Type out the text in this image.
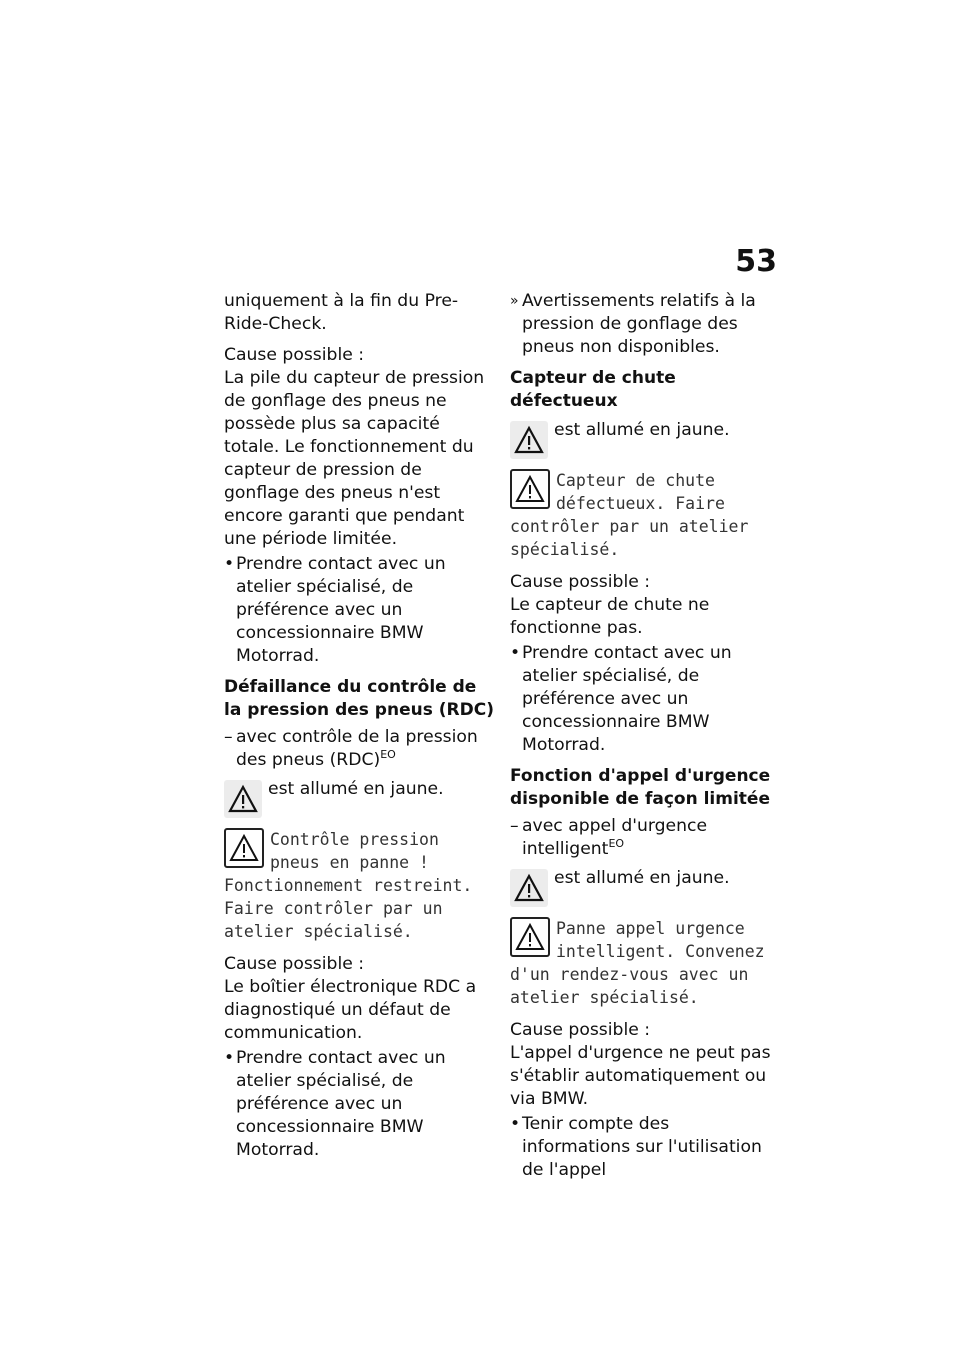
53

uniquement à la fin du Pre-Ride-Check.

Cause possible :

La pile du capteur de pression de gonflage des pneus ne possède plus sa capacité totale. Le fonctionnement du capteur de pression de gonflage des pneus n'est encore garanti que pendant une période limitée.

• Prendre contact avec un atelier spécialisé, de préférence avec un concessionnaire BMW Motorrad.
Défaillance du contrôle de la pression des pneus (RDC)
– avec contrôle de la pression des pneus (RDC)$^{EO}$
est allumé en jaune.
Contrôle pression pneus en panne ! Fonctionnement restreint. Faire contrôler par un atelier spécialisé.

Cause possible :

Le boîtier électronique RDC a diagnostiqué un défaut de communication.

• Prendre contact avec un atelier spécialisé, de préférence avec un concessionnaire BMW Motorrad.
» Avertissements relatifs à la pression de gonflage des pneus non disponibles.
Capteur de chute défectueux
est allumé en jaune.
Capteur de chute défectueux. Faire contrôler par un atelier spécialisé.

Cause possible :

Le capteur de chute ne fonctionne pas.

• Prendre contact avec un atelier spécialisé, de préférence avec un concessionnaire BMW Motorrad.
Fonction d'appel d'urgence disponible de façon limitée
– avec appel d'urgence intelligent$^{EO}$
est allumé en jaune.
Panne appel urgence intelligent. Convenez d'un rendez-vous avec un atelier spécialisé.

Cause possible :

L'appel d'urgence ne peut pas s'établir automatiquement ou via BMW.

• Tenir compte des informations sur l'utilisation de l'appel
